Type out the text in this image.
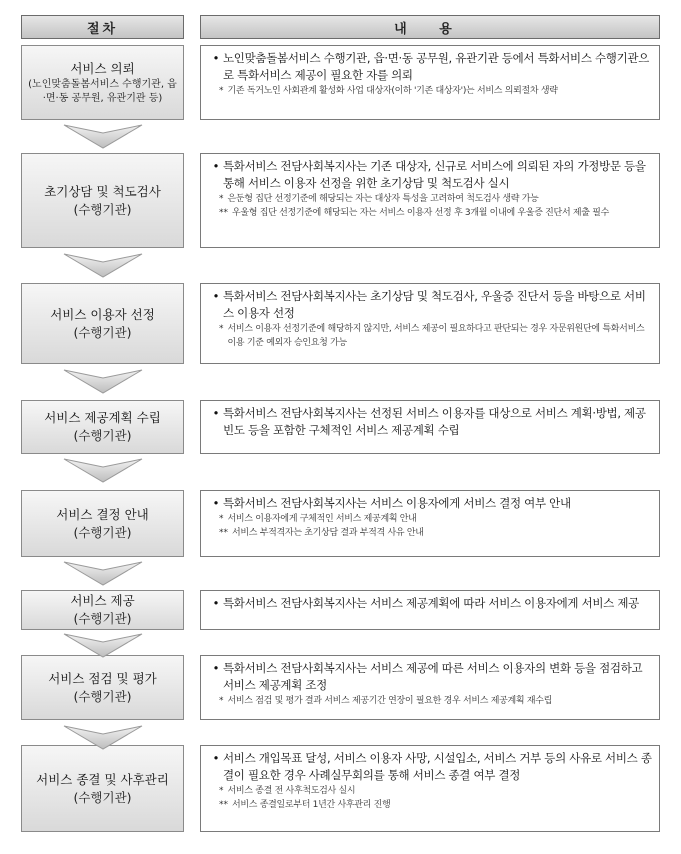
절차	내 용
서비스 의뢰
(노인맞춤돌봄서비스 수행기관, 읍·면·동 공무원, 유관기관 등)
• 노인맞춤돌봄서비스 수행기관, 읍·면·동 공무원, 유관기관 등에서 특화서비스 수행기관으로 특화서비스 제공이 필요한 자를 의뢰
* 기존 독거노인 사회관계 활성화 사업 대상자(이하 '기존 대상자')는 서비스 의뢰절차 생략
초기상담 및 척도검사
(수행기관)
• 특화서비스 전담사회복지사는 기존 대상자, 신규로 서비스에 의뢰된 자의 가정방문 등을 통해 서비스 이용자 선정을 위한 초기상담 및 척도검사 실시
* 은둔형 집단 선정기준에 해당되는 자는 대상자 특성을 고려하여 척도검사 생략 가능
** 우울형 집단 선정기준에 해당되는 자는 서비스 이용자 선정 후 3개월 이내에 우울증 진단서 제출 필수
서비스 이용자 선정
(수행기관)
• 특화서비스 전담사회복지사는 초기상담 및 척도검사, 우울증 진단서 등을 바탕으로 서비스 이용자 선정
* 서비스 이용자 선정기준에 해당하지 않지만, 서비스 제공이 필요하다고 판단되는 경우 자문위원단에 특화서비스 이용 기준 예외자 승인요청 가능
서비스 제공계획 수립
(수행기관)
• 특화서비스 전담사회복지사는 선정된 서비스 이용자를 대상으로 서비스 계획·방법, 제공빈도 등을 포함한 구체적인 서비스 제공계획 수립
서비스 결정 안내
(수행기관)
• 특화서비스 전담사회복지사는 서비스 이용자에게 서비스 결정 여부 안내
* 서비스 이용자에게 구체적인 서비스 제공계획 안내
** 서비스 부적격자는 초기상담 결과 부적격 사유 안내
서비스 제공
(수행기관)
• 특화서비스 전담사회복지사는 서비스 제공계획에 따라 서비스 이용자에게 서비스 제공
서비스 점검 및 평가
(수행기관)
• 특화서비스 전담사회복지사는 서비스 제공에 따른 서비스 이용자의 변화 등을 점검하고 서비스 제공계획 조정
* 서비스 점검 및 평가 결과 서비스 제공기간 연장이 필요한 경우 서비스 제공계획 재수립
서비스 종결 및 사후관리
(수행기관)
• 서비스 개입목표 달성, 서비스 이용자 사망, 시설입소, 서비스 거부 등의 사유로 서비스 종결이 필요한 경우 사례실무회의를 통해 서비스 종결 여부 결정
* 서비스 종결 전 사후척도검사 실시
** 서비스 종결일로부터 1년간 사후관리 진행
